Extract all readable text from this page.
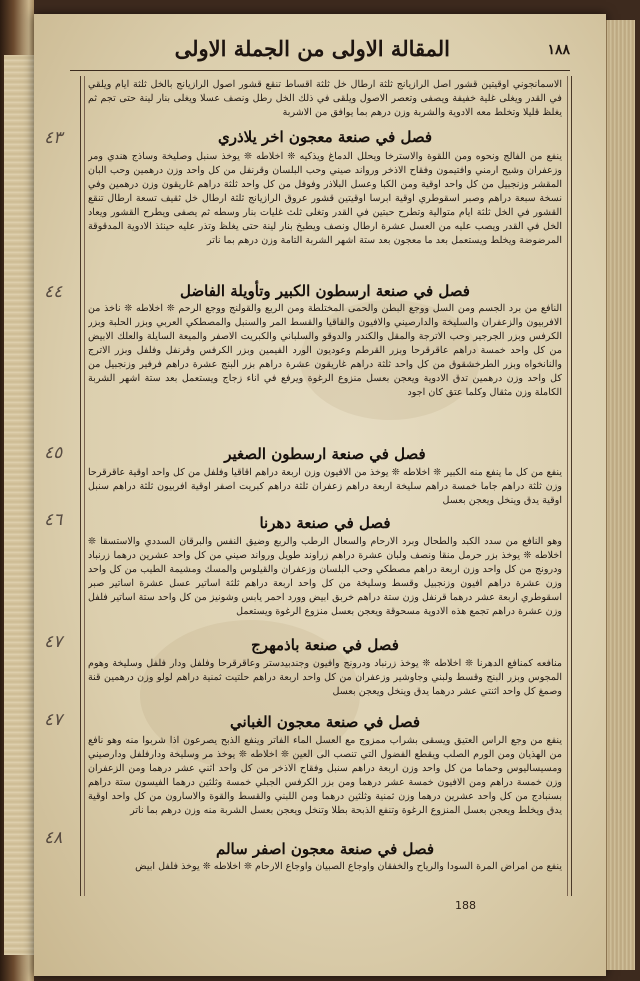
١٨٨
المقالة الاولى من الجملة الاولى
الاسمانجوني اوقيتين قشور اصل الرازيانج ثلثة ارطال خل ثلثة اقساط تنقع قشور اصول الرازيانج بالخل ثلثة ايام ويلقي في القدر ويغلى غلية خفيفة ويصفى وتعصر الاصول ويلقى في ذلك الخل رطل ونصف عسلا ويغلى بنار لينة حتى تجم ثم يغلظ قليلا وتخلط معه الادوية والشربة وزن درهم بما يوافق من الاشربة
٤٣	فصل في صنعة معجون اخر يلاذري
ينفع من الفالج ونحوه ومن اللقوة والاسترخا ويحلل الدماغ ويذكيه ❊ اخلاطه ❊ يوخذ سنبل وصليخة وساذج هندي ومر وزعفران وشيح ارمني وافتيمون وفقاح الاذخر ورواند صيني وحب البلسان وقرنفل من كل واحد وزن درهمين وحب البان المقشر وزنجبيل من كل واحد اوقية ومن الكبا وعسل البلاذر وفوفل من كل واحد ثلثة دراهم غاريقون وزن درهمين وفي نسخة سبعة دراهم وصبر اسقوطري اوقية ابرسا اوقيتين قشور عروق الرازيانج ثلثة ارطال خل ثقيف تسعة ارطال تنقع القشور في الخل ثلثة ايام متوالية وتطرح حبتين في القدر وتغلى ثلث غليات بنار وسطه ثم يصفى ويطرح القشور ويعاد الخل في القدر ويصب عليه من العسل عشرة ارطال ونصف ويطبخ بنار لينة حتى يغلظ وتذر عليه حينئذ الادوية المدقوقة المرضوضة ويخلط ويستعمل بعد ما معجون بعد ستة اشهر الشربة التامة وزن درهم بما ناتر
٤٤	فصل في صنعة ارسطون الكبير وتأويلة الفاضل
النافع من برد الجسم ومن السل ووجع البطن والحمى المختلطة ومن الربع والقولنج ووجع الرحم ❊ اخلاطه ❊ ناخذ من الافربيون والزعفران والسليخة والدارصيني والافيون والقاقيا والقسط المر والسنبل والمصطكي العربي وبزر الحلبة وبزر الكرفس وبزر الجرجير وحب الاترجة والمقل والكندر والدوقو والسلباني والكبريت الاصفر والميعة السايلة والعلك الابيض من كل واحد خمسة دراهم عاقرقرحا وبزر القرطم وعوديون الورد الفيمين وبزر الكرفس وقرنفل وفلفل وبزر الاترج والنانخواه وبزر الطرخشقوق من كل واحد ثلثة دراهم غاريقون عشرة دراهم بزر البنج عشرة دراهم فرفير وزنجبيل من كل واحد وزن درهمين تدق الادوية ويعجن بعسل منزوع الرغوة ويرفع في اناء زجاج ويستعمل بعد ستة اشهر الشربة الكاملة وزن مثقال وكلما عتق كان اجود
٤٥	فصل في صنعة ارسطون الصغير
ينفع من كل ما ينفع منه الكبير ❊ اخلاطه ❊ يوخذ من الافيون وزن اربعة دراهم اقاقيا وفلفل من كل واحد اوقية عاقرقرحا وزن ثلثة دراهم جاما خمسة دراهم سليخة اربعة دراهم زعفران ثلثة دراهم كبريت اصفر اوقية افربيون ثلثة دراهم سنبل اوقية يدق وينخل ويعجن بعسل
٤٦	فصل في صنعة دهرنا
وهو النافع من سدد الكبد والطحال وبرد الارحام والسعال الرطب والربع وضيق النفس والبرقان السددي والاستسقا ❊ اخلاطه ❊ يوخذ بزر حرمل منقا ونصف ولبان عشرة دراهم زراوند طويل ورواند صيني من كل واحد عشرين درهما زرنباد ودرونج من كل واحد وزن اربعة دراهم مصطكي وحب البلسان وزعفران والقيلوس والمسك ومشيمة الطيب من كل واحد وزن عشرة دراهم افيون وزنجبيل وقسط وسليخة من كل واحد اربعة دراهم ثلثة اساتير عسل عشرة اساتير صبر اسقوطري اربعة عشر درهما قرنفل وزن ستة دراهم خربق ابيض وورد احمر يابس وشونيز من كل واحد ستة اساتير فلفل وزن عشرة دراهم تجمع هذه الادوية مسحوقة ويعجن بعسل منزوع الرغوة ويستعمل
٤٧	فصل في صنعة باذمهرج
منافعه كمنافع الدهرنا ❊ اخلاطه ❊ يوخذ زرنباد ودرونج وافيون وجندبيدستر وعاقرقرحا وفلفل ودار فلفل وسليخة وهوم المجوس وبزر البنج وقسط ولبني وجاوشير وزعفران من كل واحد اربعة دراهم حلتيت ثمنية دراهم لولو وزن درهمين قنة وصمغ كل واحد اثنتي عشر درهما يدق وينخل ويعجن بعسل
٤٧	فصل في صنعة معجون الغباني
ينفع من وجع الراس العتيق ويسقى بشراب ممزوج مع العسل الماء الفاتر وينفع الذبح يصرعون اذا شربوا منه وهو نافع من الهذيان ومن الورم الصلب ويقطع الفضول التي تنصب الى العين ❊ اخلاطه ❊ يوخذ مر وسليخة ودارفلفل ودارصيني ومسيسالیوس وحماما من كل واحد وزن اربعة دراهم سنبل وفقاح الاذخر من كل واحد اثني عشر درهما ومن الزعفران وزن خمسة دراهم ومن الافيون خمسة عشر درهما ومن بزر الكرفس الجبلي خمسة وثلثين درهما الفيسون ستة دراهم بسنبادج من كل واحد عشرين درهما وزن ثمنية وثلثين درهما ومن اللبني والقسط والقوة والاسارون من كل واحد اوقية يدق ويخلط ويعجن بعسل المنزوع الرغوة وتنفع الذبحة بطلا وتنخل ويعجن بعسل الشربة منه وزن درهم بما ناتر
٤٨
فصل في صنعة معجون اصفر سالم
ينفع من امراض المرة السودا والرياح والخفقان واوجاع الصبيان واوجاع الارحام ❊ اخلاطه ❊ يوخذ فلفل ابيض
188
